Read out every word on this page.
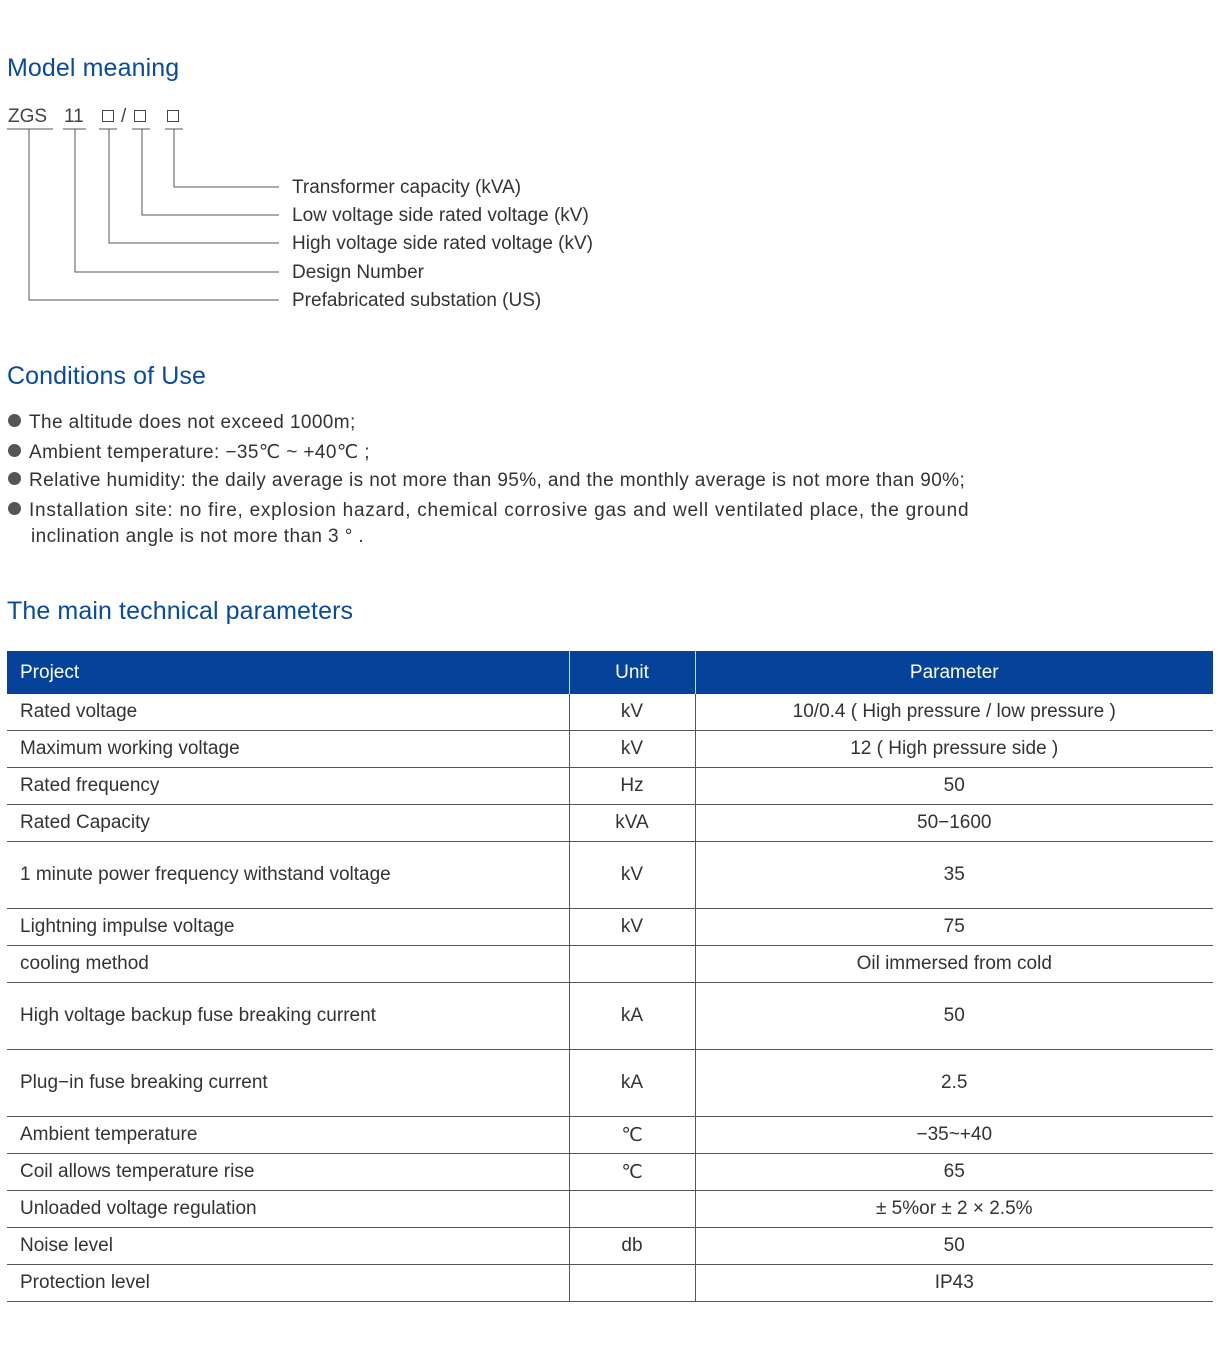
Model meaning
ZGS 11 /
Transformer capacity (kVA)
Low voltage side rated voltage (kV)
High voltage side rated voltage (kV)
Design Number
Prefabricated substation (US)
Conditions of Use
The altitude does not exceed 1000m;
Ambient temperature: −35℃ ~ +40℃ ;
Relative humidity: the daily average is not more than 95%, and the monthly average is not more than 90%;
Installation site: no fire, explosion hazard, chemical corrosive gas and well ventilated place, the ground
inclination angle is not more than 3 ° .
The main technical parameters
Project	Unit	Parameter
Rated voltage	kV	10/0.4 ( High pressure / low pressure )
Maximum working voltage	kV	12 ( High pressure side )
Rated frequency	Hz	50
Rated Capacity	kVA	50−1600
1 minute power frequency withstand voltage	kV	35
Lightning impulse voltage	kV	75
cooling method		Oil immersed from cold
High voltage backup fuse breaking current	kA	50
Plug−in fuse breaking current	kA	2.5
Ambient temperature	℃	−35~+40
Coil allows temperature rise	℃	65
Unloaded voltage regulation		± 5%or ± 2 × 2.5%
Noise level	db	50
Protection level		IP43
